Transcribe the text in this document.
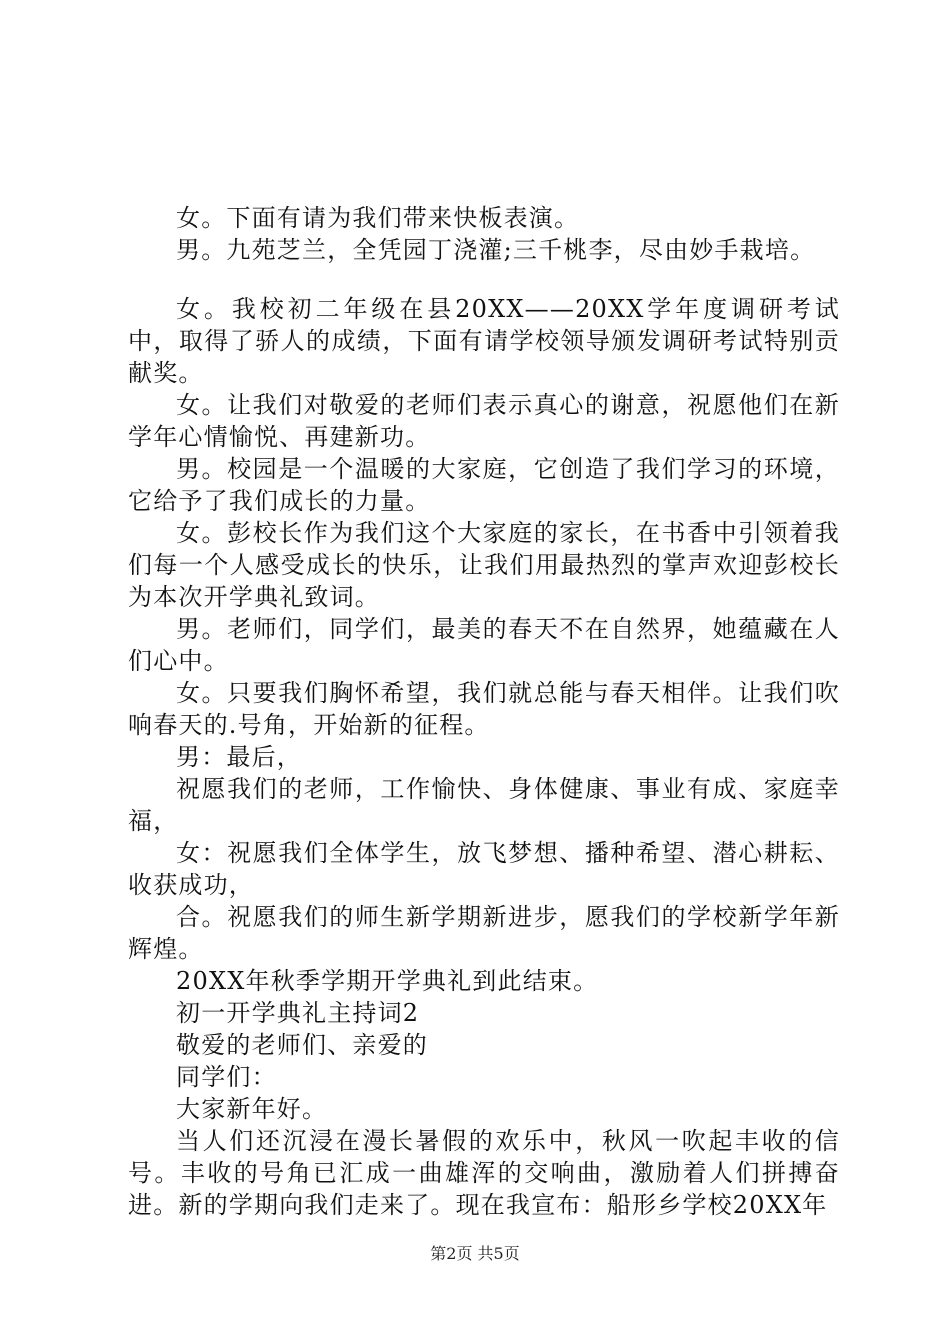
女。下面有请为我们带来快板表演。

男。九苑芝兰，全凭园丁浇灌;三千桃李，尽由妙手栽培。

女。我校初二年级在县20XX——20XX学年度调研考试中，取得了骄人的成绩，下面有请学校领导颁发调研考试特别贡献奖。

女。让我们对敬爱的老师们表示真心的谢意，祝愿他们在新学年心情愉悦、再建新功。

男。校园是一个温暖的大家庭，它创造了我们学习的环境，它给予了我们成长的力量。

女。彭校长作为我们这个大家庭的家长，在书香中引领着我们每一个人感受成长的快乐，让我们用最热烈的掌声欢迎彭校长为本次开学典礼致词。

男。老师们，同学们，最美的春天不在自然界，她蕴藏在人们心中。

女。只要我们胸怀希望，我们就总能与春天相伴。让我们吹响春天的.号角，开始新的征程。

男：最后，

祝愿我们的老师，工作愉快、身体健康、事业有成、家庭幸福，

女：祝愿我们全体学生，放飞梦想、播种希望、潜心耕耘、收获成功，

合。祝愿我们的师生新学期新进步，愿我们的学校新学年新辉煌。

20XX年秋季学期开学典礼到此结束。

初一开学典礼主持词2

敬爱的老师们、亲爱的

同学们：

大家新年好。

当人们还沉浸在漫长暑假的欢乐中，秋风一吹起丰收的信号。丰收的号角已汇成一曲雄浑的交响曲，激励着人们拼搏奋进。新的学期向我们走来了。现在我宣布：船形乡学校20XX年

第2页 共5页
